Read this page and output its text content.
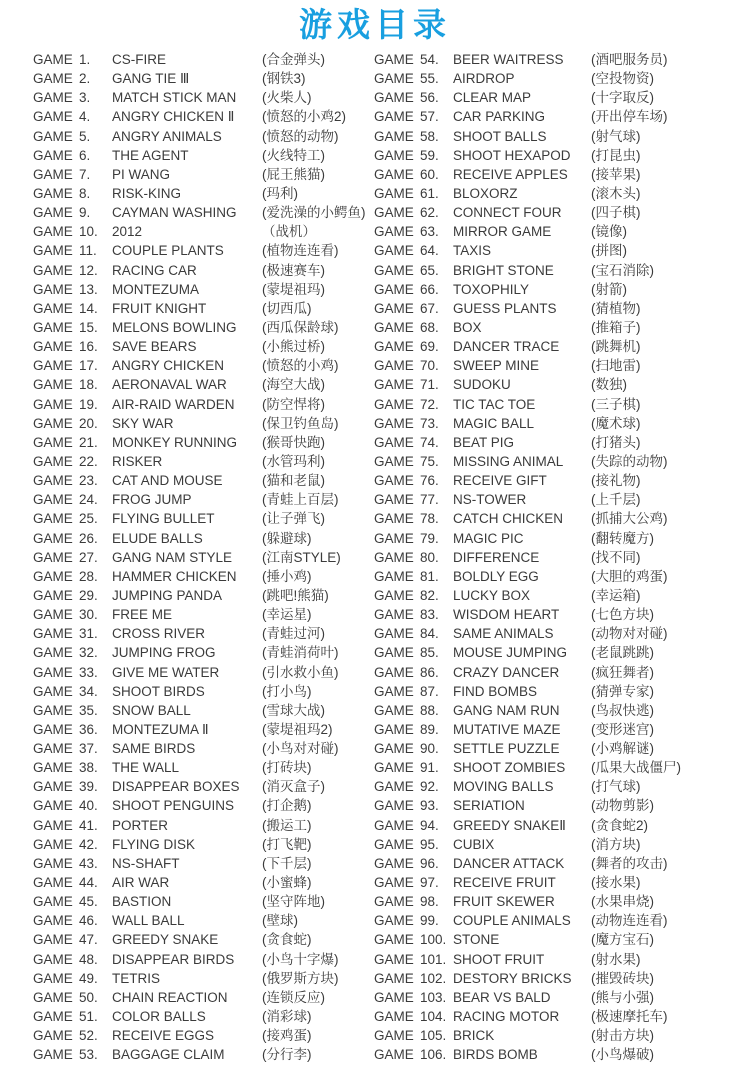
游戏目录
GAME 1.	CS-FIRE	(合金弹头)
GAME 2.	GANG TIE Ⅲ	(钢铁3)
GAME 3.	MATCH STICK MAN	(火柴人)
GAME 4.	ANGRY CHICKEN Ⅱ	(愤怒的小鸡2)
GAME 5.	ANGRY ANIMALS	(愤怒的动物)
GAME 6.	THE AGENT	(火线特工)
GAME 7.	PI WANG	(屁王熊猫)
GAME 8.	RISK-KING	(玛利)
GAME 9.	CAYMAN WASHING	(爱洗澡的小鳄鱼)
GAME 10.	2012	（战机）
GAME 11.	COUPLE PLANTS	(植物连连看)
GAME 12.	RACING CAR	(极速赛车)
GAME 13.	MONTEZUMA	(蒙堤祖玛)
GAME 14.	FRUIT KNIGHT	(切西瓜)
GAME 15.	MELONS BOWLING	(西瓜保龄球)
GAME 16.	SAVE BEARS	(小熊过桥)
GAME 17.	ANGRY CHICKEN	(愤怒的小鸡)
GAME 18.	AERONAVAL WAR	(海空大战)
GAME 19.	AIR-RAID WARDEN	(防空悍将)
GAME 20.	SKY WAR	(保卫钓鱼岛)
GAME 21.	MONKEY RUNNING	(猴哥快跑)
GAME 22.	RISKER	(水管玛利)
GAME 23.	CAT AND MOUSE	(猫和老鼠)
GAME 24.	FROG JUMP	(青蛙上百层)
GAME 25.	FLYING BULLET	(让子弹飞)
GAME 26.	ELUDE BALLS	(躲避球)
GAME 27.	GANG NAM STYLE	(江南STYLE)
GAME 28.	HAMMER CHICKEN	(捶小鸡)
GAME 29.	JUMPING PANDA	(跳吧!熊猫)
GAME 30.	FREE ME	(幸运星)
GAME 31.	CROSS RIVER	(青蛙过河)
GAME 32.	JUMPING FROG	(青蛙消荷叶)
GAME 33.	GIVE ME WATER	(引水救小鱼)
GAME 34.	SHOOT BIRDS	(打小鸟)
GAME 35.	SNOW BALL	(雪球大战)
GAME 36.	MONTEZUMA Ⅱ	(蒙堤祖玛2)
GAME 37.	SAME BIRDS	(小鸟对对碰)
GAME 38.	THE WALL	(打砖块)
GAME 39.	DISAPPEAR BOXES	(消灭盒子)
GAME 40.	SHOOT PENGUINS	(打企鹅)
GAME 41.	PORTER	(搬运工)
GAME 42.	FLYING DISK	(打飞靶)
GAME 43.	NS-SHAFT	(下千层)
GAME 44.	AIR WAR	(小蜜蜂)
GAME 45.	BASTION	(坚守阵地)
GAME 46.	WALL BALL	(壁球)
GAME 47.	GREEDY SNAKE	(贪食蛇)
GAME 48.	DISAPPEAR BIRDS	(小鸟十字爆)
GAME 49.	TETRIS	(俄罗斯方块)
GAME 50.	CHAIN REACTION	(连锁反应)
GAME 51.	COLOR BALLS	(消彩球)
GAME 52.	RECEIVE EGGS	(接鸡蛋)
GAME 53.	BAGGAGE CLAIM	(分行李)
GAME 54.	BEER WAITRESS	(酒吧服务员)
GAME 55.	AIRDROP	(空投物资)
GAME 56.	CLEAR MAP	(十字取反)
GAME 57.	CAR PARKING	(开出停车场)
GAME 58.	SHOOT BALLS	(射气球)
GAME 59.	SHOOT HEXAPOD	(打昆虫)
GAME 60.	RECEIVE APPLES	(接苹果)
GAME 61.	BLOXORZ	(滚木头)
GAME 62.	CONNECT FOUR	(四子棋)
GAME 63.	MIRROR GAME	(镜像)
GAME 64.	TAXIS	(拼图)
GAME 65.	BRIGHT STONE	(宝石消除)
GAME 66.	TOXOPHILY	(射箭)
GAME 67.	GUESS PLANTS	(猜植物)
GAME 68.	BOX	(推箱子)
GAME 69.	DANCER TRACE	(跳舞机)
GAME 70.	SWEEP MINE	(扫地雷)
GAME 71.	SUDOKU	(数独)
GAME 72.	TIC TAC TOE	(三子棋)
GAME 73.	MAGIC BALL	(魔术球)
GAME 74.	BEAT PIG	(打猪头)
GAME 75.	MISSING ANIMAL	(失踪的动物)
GAME 76.	RECEIVE GIFT	(接礼物)
GAME 77.	NS-TOWER	(上千层)
GAME 78.	CATCH CHICKEN	(抓捕大公鸡)
GAME 79.	MAGIC PIC	(翻转魔方)
GAME 80.	DIFFERENCE	(找不同)
GAME 81.	BOLDLY EGG	(大胆的鸡蛋)
GAME 82.	LUCKY BOX	(幸运箱)
GAME 83.	WISDOM HEART	(七色方块)
GAME 84.	SAME ANIMALS	(动物对对碰)
GAME 85.	MOUSE JUMPING	(老鼠跳跳)
GAME 86.	CRAZY DANCER	(疯狂舞者)
GAME 87.	FIND BOMBS	(猜弹专家)
GAME 88.	GANG NAM RUN	(鸟叔快逃)
GAME 89.	MUTATIVE MAZE	(变形迷宫)
GAME 90.	SETTLE PUZZLE	(小鸡解谜)
GAME 91.	SHOOT ZOMBIES	(瓜果大战僵尸)
GAME 92.	MOVING BALLS	(打气球)
GAME 93.	SERIATION	(动物剪影)
GAME 94.	GREEDY SNAKEⅡ	(贪食蛇2)
GAME 95.	CUBIX	(消方块)
GAME 96.	DANCER ATTACK	(舞者的攻击)
GAME 97.	RECEIVE FRUIT	(接水果)
GAME 98.	FRUIT SKEWER	(水果串烧)
GAME 99.	COUPLE ANIMALS	(动物连连看)
GAME 100. STONE	(魔方宝石)
GAME 101. SHOOT FRUIT	(射水果)
GAME 102. DESTORY BRICKS	(摧毁砖块)
GAME 103. BEAR VS BALD	(熊与小强)
GAME 104. RACING MOTOR	(极速摩托车)
GAME 105. BRICK	(射击方块)
GAME 106. BIRDS BOMB	(小鸟爆破)
